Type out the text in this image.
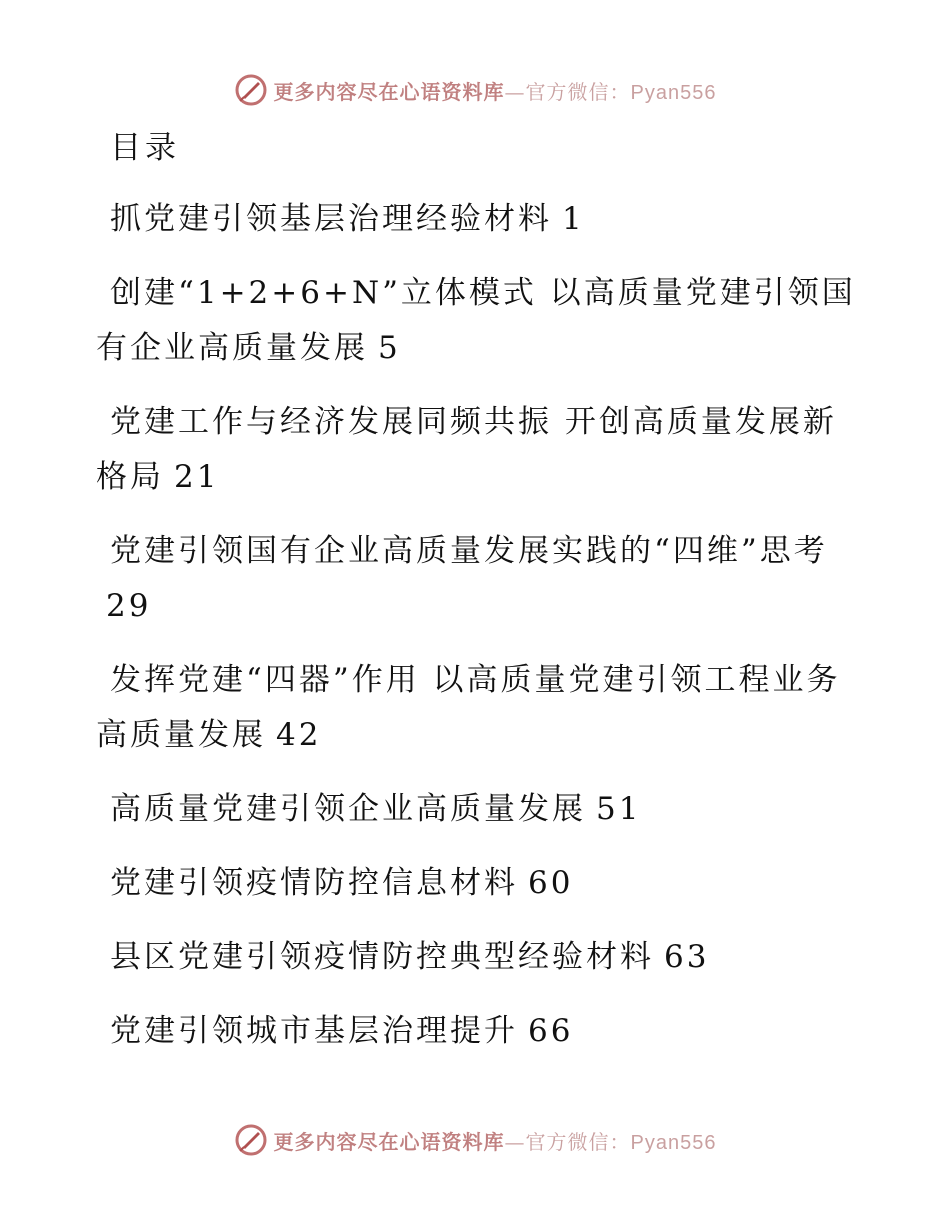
更多内容尽在心语资料库—官方微信：Pyan556
目录
抓党建引领基层治理经验材料 1
创建“1+2+6+N”立体模式 以高质量党建引领国有企业高质量发展 5
党建工作与经济发展同频共振 开创高质量发展新格局 21
党建引领国有企业高质量发展实践的“四维”思考29
发挥党建“四器”作用 以高质量党建引领工程业务高质量发展 42
高质量党建引领企业高质量发展 51
党建引领疫情防控信息材料 60
县区党建引领疫情防控典型经验材料 63
党建引领城市基层治理提升 66
更多内容尽在心语资料库—官方微信：Pyan556
